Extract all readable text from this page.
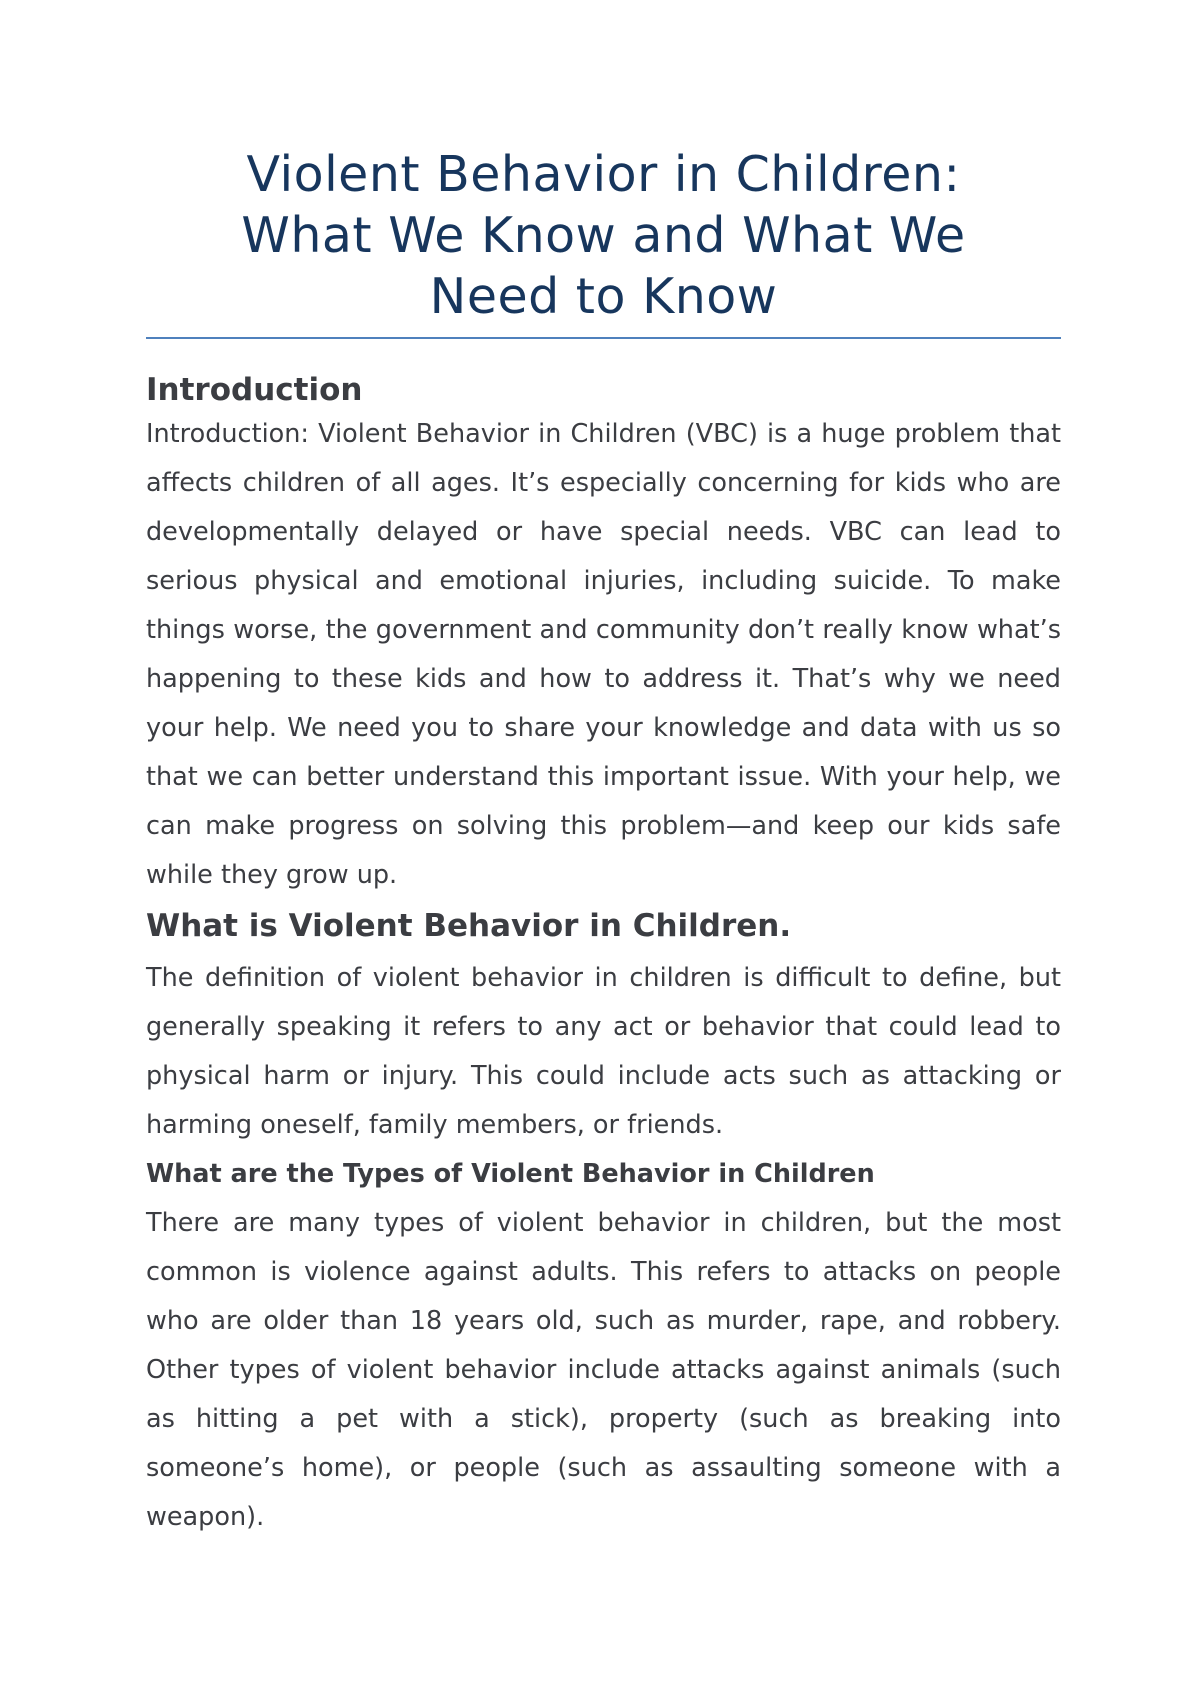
Violent Behavior in Children:
What We Know and What We
Need to Know
Introduction

Introduction: Violent Behavior in Children (VBC) is a huge problem that affects children of all ages. It’s especially concerning for kids who are developmentally delayed or have special needs. VBC can lead to serious physical and emotional injuries, including suicide. To make things worse, the government and community don’t really know what’s happening to these kids and how to address it. That’s why we need your help. We need you to share your knowledge and data with us so that we can better understand this important issue. With your help, we can make progress on solving this problem—and keep our kids safe while they grow up.

What is Violent Behavior in Children.

The definition of violent behavior in children is difficult to define, but generally speaking it refers to any act or behavior that could lead to physical harm or injury. This could include acts such as attacking or harming oneself, family members, or friends.

What are the Types of Violent Behavior in Children

There are many types of violent behavior in children, but the most common is violence against adults. This refers to attacks on people who are older than 18 years old, such as murder, rape, and robbery. Other types of violent behavior include attacks against animals (such as hitting a pet with a stick), property (such as breaking into someone’s home), or people (such as assaulting someone with a weapon).
